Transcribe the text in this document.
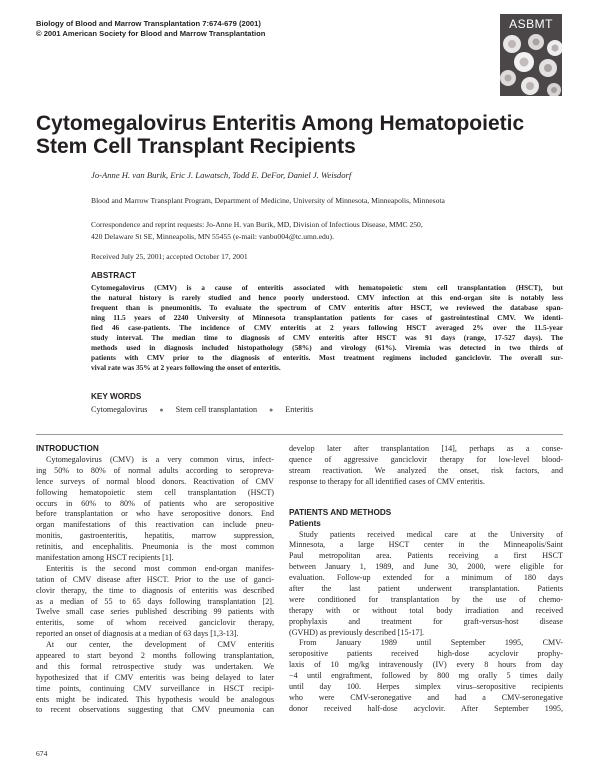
Biology of Blood and Marrow Transplantation 7:674-679 (2001)
© 2001 American Society for Blood and Marrow Transplantation
ASBMT
Cytomegalovirus Enteritis Among Hematopoietic
Stem Cell Transplant Recipients
Jo-Anne H. van Burik, Eric J. Lawatsch, Todd E. DeFor, Daniel J. Weisdorf
Blood and Marrow Transplant Program, Department of Medicine, University of Minnesota, Minneapolis, Minnesota
Correspondence and reprint requests: Jo-Anne H. van Burik, MD, Division of Infectious Disease, MMC 250,
420 Delaware St SE, Minneapolis, MN 55455 (e-mail: vanbu004@tc.umn.edu).
Received July 25, 2001; accepted October 17, 2001
ABSTRACT
Cytomegalovirus (CMV) is a cause of enteritis associated with hematopoietic stem cell transplantation (HSCT), but
the natural history is rarely studied and hence poorly understood. CMV infection at this end-organ site is notably less
frequent than is pneumonitis. To evaluate the spectrum of CMV enteritis after HSCT, we reviewed the database span-
ning 11.5 years of 2240 University of Minnesota transplantation patients for cases of gastrointestinal CMV. We identi-
fied 46 case-patients. The incidence of CMV enteritis at 2 years following HSCT averaged 2% over the 11.5-year
study interval. The median time to diagnosis of CMV enteritis after HSCT was 91 days (range, 17-527 days). The
methods used in diagnosis included histopathology (58%) and virology (61%). Viremia was detected in two thirds of
patients with CMV prior to the diagnosis of enteritis. Most treatment regimens included ganciclovir. The overall sur-
vival rate was 35% at 2 years following the onset of enteritis.
KEY WORDS
Cytomegalovirus ● Stem cell transplantation ● Enteritis
INTRODUCTION
Cytomegalovirus (CMV) is a very common virus, infect-
ing 50% to 80% of normal adults according to seropreva-
lence surveys of normal blood donors. Reactivation of CMV
following hematopoietic stem cell transplantation (HSCT)
occurs in 60% to 80% of patients who are seropositive
before transplantation or who have seropositive donors. End
organ manifestations of this reactivation can include pneu-
monitis, gastroenteritis, hepatitis, marrow suppression,
retinitis, and encephalitis. Pneumonia is the most common
manifestation among HSCT recipients [1].
Enteritis is the second most common end-organ manifes-
tation of CMV disease after HSCT. Prior to the use of ganci-
clovir therapy, the time to diagnosis of enteritis was described
as a median of 55 to 65 days following transplantation [2].
Twelve small case series published describing 99 patients with
enteritis, some of whom received ganciclovir therapy,
reported an onset of diagnosis at a median of 63 days [1,3-13].
At our center, the development of CMV enteritis
appeared to start beyond 2 months following transplantation,
and this formal retrospective study was undertaken. We
hypothesized that if CMV enteritis was being delayed to later
time points, continuing CMV surveillance in HSCT recipi-
ents might be indicated. This hypothesis would be analogous
to recent observations suggesting that CMV pneumonia can
develop later after transplantation [14], perhaps as a conse-
quence of aggressive ganciclovir therapy for low-level blood-
stream reactivation. We analyzed the onset, risk factors, and
response to therapy for all identified cases of CMV enteritis.
PATIENTS AND METHODS
Patients
Study patients received medical care at the University of
Minnesota, a large HSCT center in the Minneapolis/Saint
Paul metropolitan area. Patients receiving a first HSCT
between January 1, 1989, and June 30, 2000, were eligible for
evaluation. Follow-up extended for a minimum of 180 days
after the last patient underwent transplantation. Patients
were conditioned for transplantation by the use of chemo-
therapy with or without total body irradiation and received
prophylaxis and treatment for graft-versus-host disease
(GVHD) as previously described [15-17].
From January 1989 until September 1995, CMV-
seropositive patients received high-dose acyclovir prophy-
laxis of 10 mg/kg intravenously (IV) every 8 hours from day
−4 until engraftment, followed by 800 mg orally 5 times daily
until day 100. Herpes simplex virus–seropositive recipients
who were CMV-seronegative and had a CMV-seronegative
donor received half-dose acyclovir. After September 1995,
674
